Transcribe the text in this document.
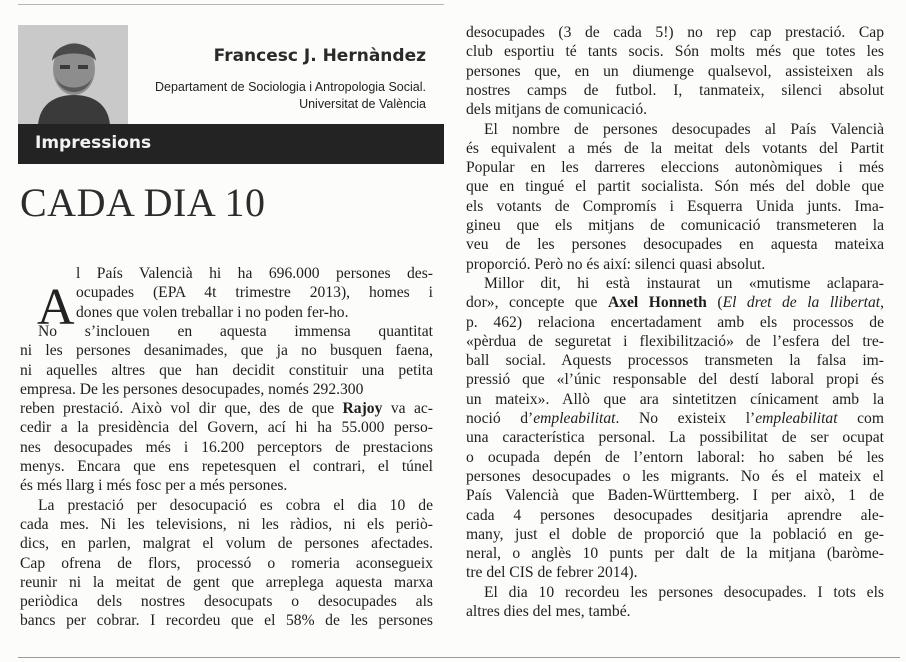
Francesc J. Hernàndez
Departament de Sociologia i Antropologia Social.
Universitat de València
Impressions
CADA DIA 10
A
l País Valencià hi ha 696.000 persones des-
ocupades (EPA 4t trimestre 2013), homes i
dones que volen treballar i no poden fer-ho.
No s’inclouen en aquesta immensa quantitat
ni les persones desanimades, que ja no busquen faena,
ni aquelles altres que han decidit constituir una petita
empresa. De les persones desocupades, només 292.300
reben prestació. Això vol dir que, des de que Rajoy va ac-
cedir a la presidència del Govern, ací hi ha 55.000 perso-
nes desocupades més i 16.200 perceptors de prestacions
menys. Encara que ens repetesquen el contrari, el túnel
és més llarg i més fosc per a més persones.
La prestació per desocupació es cobra el dia 10 de
cada mes. Ni les televisions, ni les ràdios, ni els periò-
dics, en parlen, malgrat el volum de persones afectades.
Cap ofrena de flors, processó o romeria aconsegueix
reunir ni la meitat de gent que arreplega aquesta marxa
periòdica dels nostres desocupats o desocupades als
bancs per cobrar. I recordeu que el 58% de les persones
desocupades (3 de cada 5!) no rep cap prestació. Cap
club esportiu té tants socis. Són molts més que totes les
persones que, en un diumenge qualsevol, assisteixen als
nostres camps de futbol. I, tanmateix, silenci absolut
dels mitjans de comunicació.
El nombre de persones desocupades al País Valencià
és equivalent a més de la meitat dels votants del Partit
Popular en les darreres eleccions autonòmiques i més
que en tingué el partit socialista. Són més del doble que
els votants de Compromís i Esquerra Unida junts. Ima-
gineu que els mitjans de comunicació transmeteren la
veu de les persones desocupades en aquesta mateixa
proporció. Però no és així: silenci quasi absolut.
Millor dit, hi està instaurat un «mutisme aclapara-
dor», concepte que Axel Honneth (El dret de la llibertat,
p. 462) relaciona encertadament amb els processos de
«pèrdua de seguretat i flexibilització» de l’esfera del tre-
ball social. Aquests processos transmeten la falsa im-
pressió que «l’únic responsable del destí laboral propi és
un mateix». Allò que ara sintetitzen cínicament amb la
noció d’empleabilitat. No existeix l’empleabilitat com
una característica personal. La possibilitat de ser ocupat
o ocupada depén de l’entorn laboral: ho saben bé les
persones desocupades o les migrants. No és el mateix el
País Valencià que Baden-Württemberg. I per això, 1 de
cada 4 persones desocupades desitjaria aprendre ale-
many, just el doble de proporció que la població en ge-
neral, o anglès 10 punts per dalt de la mitjana (baròme-
tre del CIS de febrer 2014).
El dia 10 recordeu les persones desocupades. I tots els
altres dies del mes, també.
